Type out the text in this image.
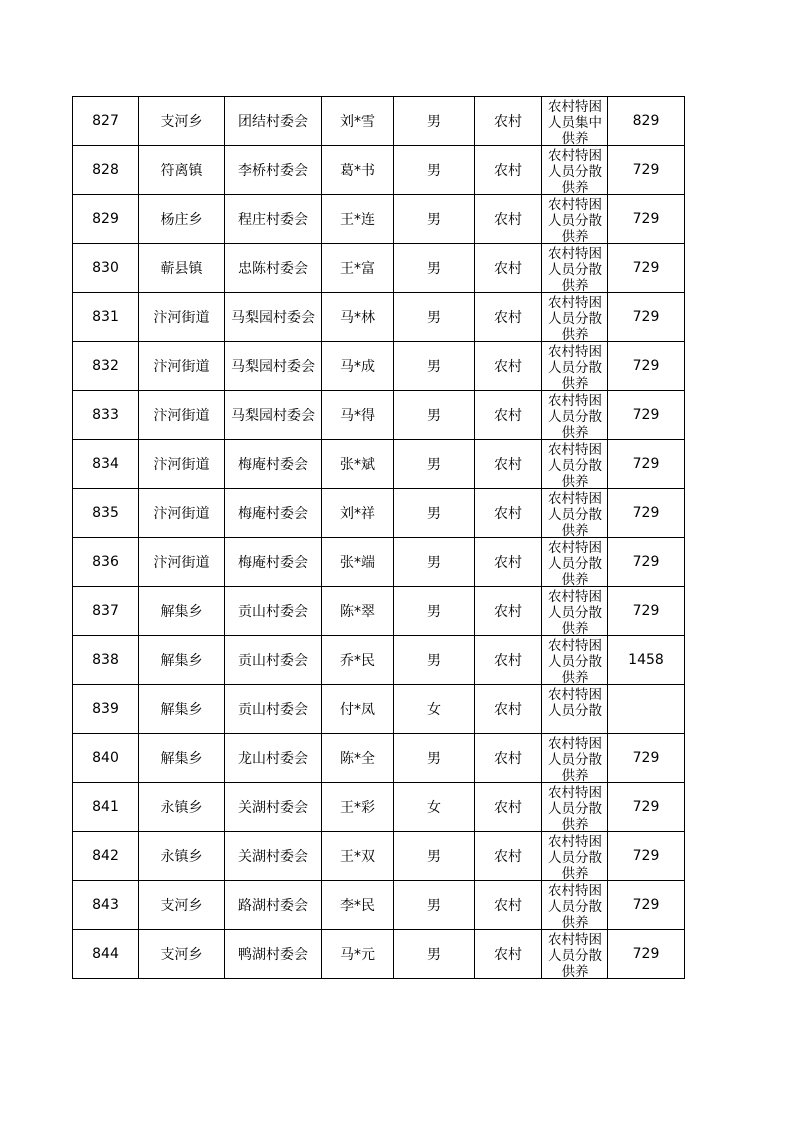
827	支河乡	团结村委会	刘*雪	男	农村	农村特困人员集中供养	829
828	符离镇	李桥村委会	葛*书	男	农村	农村特困人员分散供养	729
829	杨庄乡	程庄村委会	王*连	男	农村	农村特困人员分散供养	729
830	蕲县镇	忠陈村委会	王*富	男	农村	农村特困人员分散供养	729
831	汴河街道	马梨园村委会	马*林	男	农村	农村特困人员分散供养	729
832	汴河街道	马梨园村委会	马*成	男	农村	农村特困人员分散供养	729
833	汴河街道	马梨园村委会	马*得	男	农村	农村特困人员分散供养	729
834	汴河街道	梅庵村委会	张*斌	男	农村	农村特困人员分散供养	729
835	汴河街道	梅庵村委会	刘*祥	男	农村	农村特困人员分散供养	729
836	汴河街道	梅庵村委会	张*端	男	农村	农村特困人员分散供养	729
837	解集乡	贡山村委会	陈*翠	男	农村	农村特困人员分散供养	729
838	解集乡	贡山村委会	乔*民	男	农村	农村特困人员分散供养	1458
839	解集乡	贡山村委会	付*凤	女	农村	农村特困人员分散	

840	解集乡	龙山村委会	陈*全	男	农村	农村特困人员分散供养	729
841	永镇乡	关湖村委会	王*彩	女	农村	农村特困人员分散供养	729
842	永镇乡	关湖村委会	王*双	男	农村	农村特困人员分散供养	729
843	支河乡	路湖村委会	李*民	男	农村	农村特困人员分散供养	729
844	支河乡	鸭湖村委会	马*元	男	农村	农村特困人员分散供养	729
